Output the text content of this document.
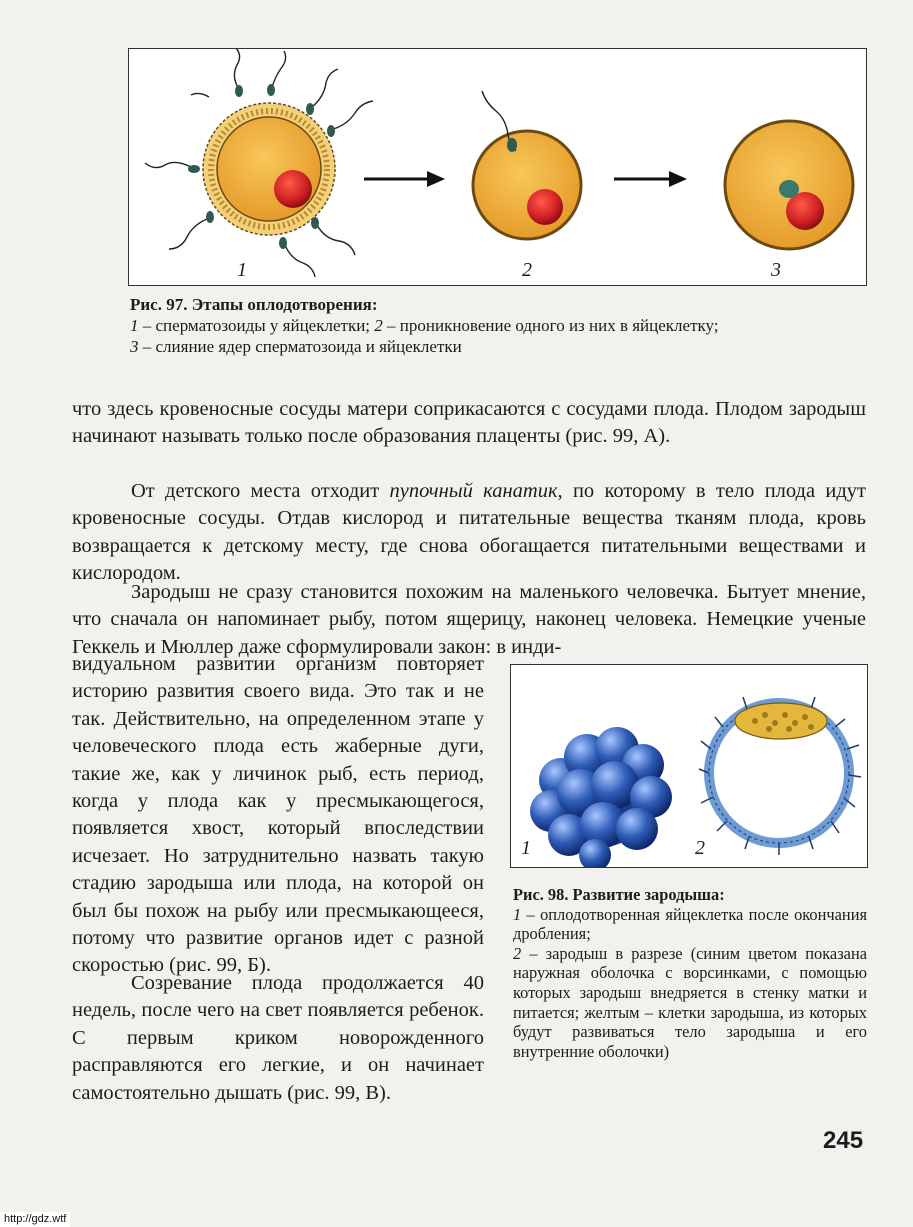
1	2	3
Рис. 97. Этапы оплодотворения:
1 – сперматозоиды у яйцеклетки; 2 – проникновение одного из них в яйцеклетку;
3 – слияние ядер сперматозоида и яйцеклетки

что здесь кровеносные сосуды матери соприкасаются с сосудами плода. Плодом зародыш начинают называть только после образования плаценты (рис. 99, А).

От детского места отходит пупочный канатик, по которому в тело плода идут кровеносные сосуды. Отдав кислород и питательные вещества тканям плода, кровь возвращается к детскому месту, где снова обогащается питательными веществами и кислородом.

Зародыш не сразу становится похожим на маленького человечка. Бытует мнение, что сначала он напоминает рыбу, потом ящерицу, наконец человека. Немецкие ученые Геккель и Мюллер даже сформулировали закон: в инди-

видуальном развитии организм повторяет историю развития своего вида. Это так и не так. Действительно, на определенном этапе у человеческого плода есть жаберные дуги, такие же, как у личинок рыб, есть период, когда у плода как у пресмыкающегося, появляется хвост, который впоследствии исчезает. Но затруднительно назвать такую стадию зародыша или плода, на которой он был бы похож на рыбу или пресмыкающееся, потому что развитие органов идет с разной скоростью (рис. 99, Б).

Созревание плода продолжается 40 недель, после чего на свет появляется ребенок. С первым криком новорожденного расправляются его легкие, и он начинает самостоятельно дышать (рис. 99, В).

1	2
Рис. 98. Развитие зародыша:
1 – оплодотворенная яйцеклетка после окончания дробления;
2 – зародыш в разрезе (синим цветом показана наружная оболочка с ворсинками, с помощью которых зародыш внедряется в стенку матки и питается; желтым – клетки зародыша, из которых будут развиваться тело зародыша и его внутренние оболочки)
245
http://gdz.wtf
